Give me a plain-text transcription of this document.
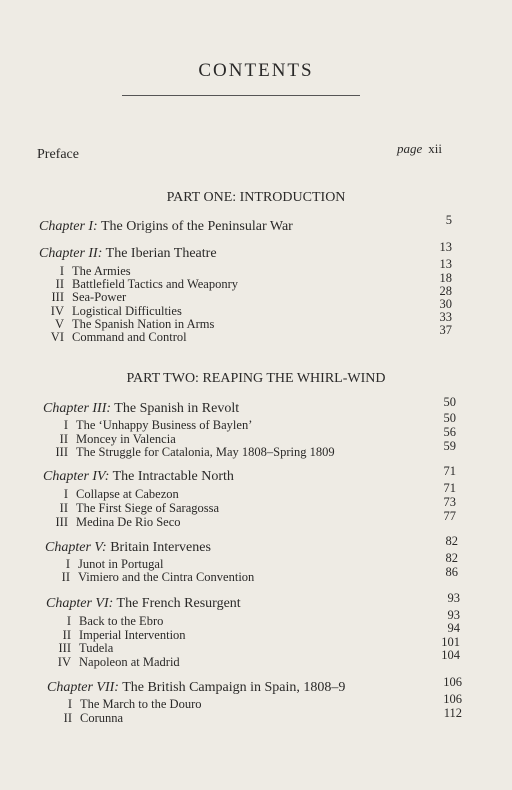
CONTENTS
Preface	page xii
PART ONE: INTRODUCTION
Chapter I: The Origins of the Peninsular War	5
Chapter II: The Iberian Theatre	13
I The Armies	13
II Battlefield Tactics and Weaponry	18
III Sea-Power	28
IV Logistical Difficulties	30
V The Spanish Nation in Arms	33
VI Command and Control	37
PART TWO: REAPING THE WHIRL-WIND
Chapter III: The Spanish in Revolt	50
I The ‘Unhappy Business of Baylen’	50
II Moncey in Valencia	56
III The Struggle for Catalonia, May 1808–Spring 1809	59
Chapter IV: The Intractable North	71
I Collapse at Cabezon	71
II The First Siege of Saragossa	73
III Medina De Rio Seco	77
Chapter V: Britain Intervenes	82
I Junot in Portugal	82
II Vimiero and the Cintra Convention	86
Chapter VI: The French Resurgent	93
I Back to the Ebro	93
II Imperial Intervention	94
III Tudela	101
IV Napoleon at Madrid	104
Chapter VII: The British Campaign in Spain, 1808–9	106
I The March to the Douro	106
II Corunna	112
